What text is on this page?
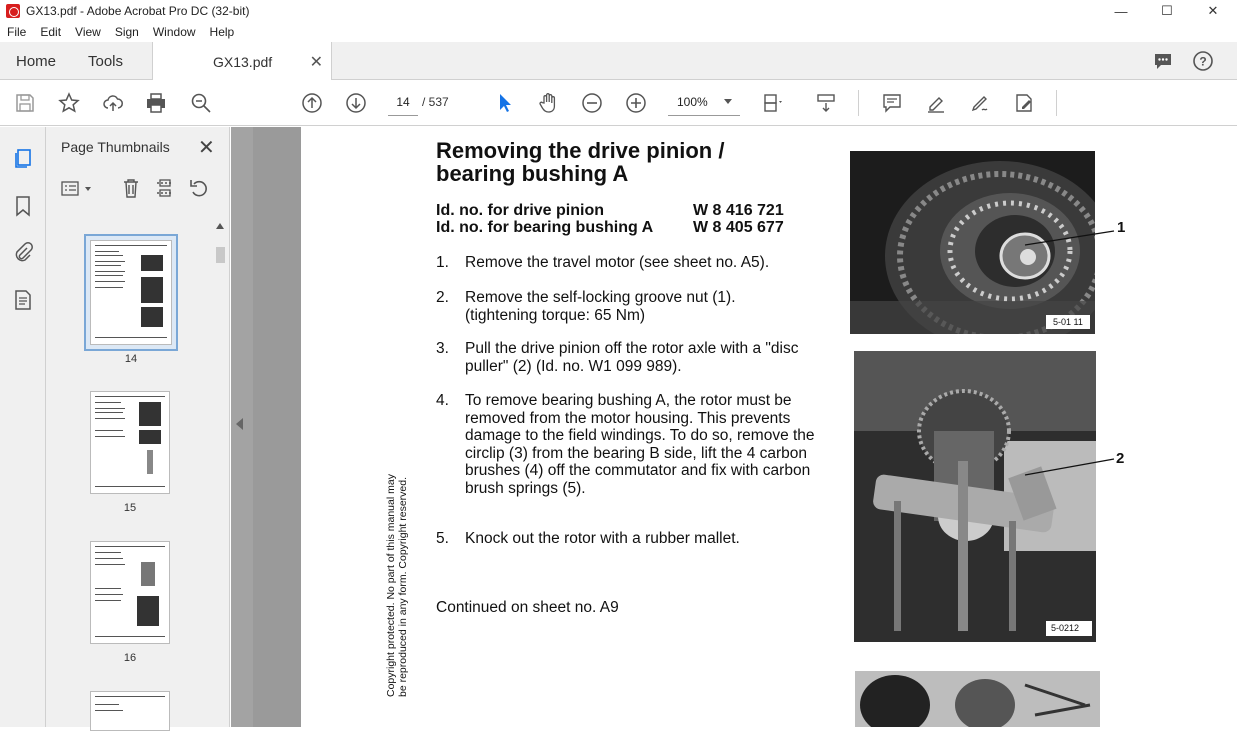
GX13.pdf - Adobe Acrobat Pro DC (32-bit)	—	☐	✕
File	Edit	View	Sign	Window	Help
Home Tools	GX13.pdf ✕	?
14	/ 537	100%
Page Thumbnails ✕
14
15
16
Removing the drive pinion /
bearing bushing A
Id. no. for drive pinion	W 8 416 721
Id. no. for bearing bushing A W 8 405 677
1. Remove the travel motor (see sheet no. A5).
2. Remove the self-locking groove nut (1). (tightening torque: 65 Nm)
3. Pull the drive pinion off the rotor axle with a "disc puller" (2) (Id. no. W1 099 989).
4. To remove bearing bushing A, the rotor must be removed from the motor housing. This prevents damage to the field windings. To do so, remove the circlip (3) from the bearing B side, lift the 4 carbon brushes (4) off the commutator and fix with carbon brush springs (5).
5. Knock out the rotor with a rubber mallet.
Continued on sheet no. A9
Copyright protected. No part of this manual may be reproduced in any form. Copyright reserved.
1
5-01 11
2
5-0212
